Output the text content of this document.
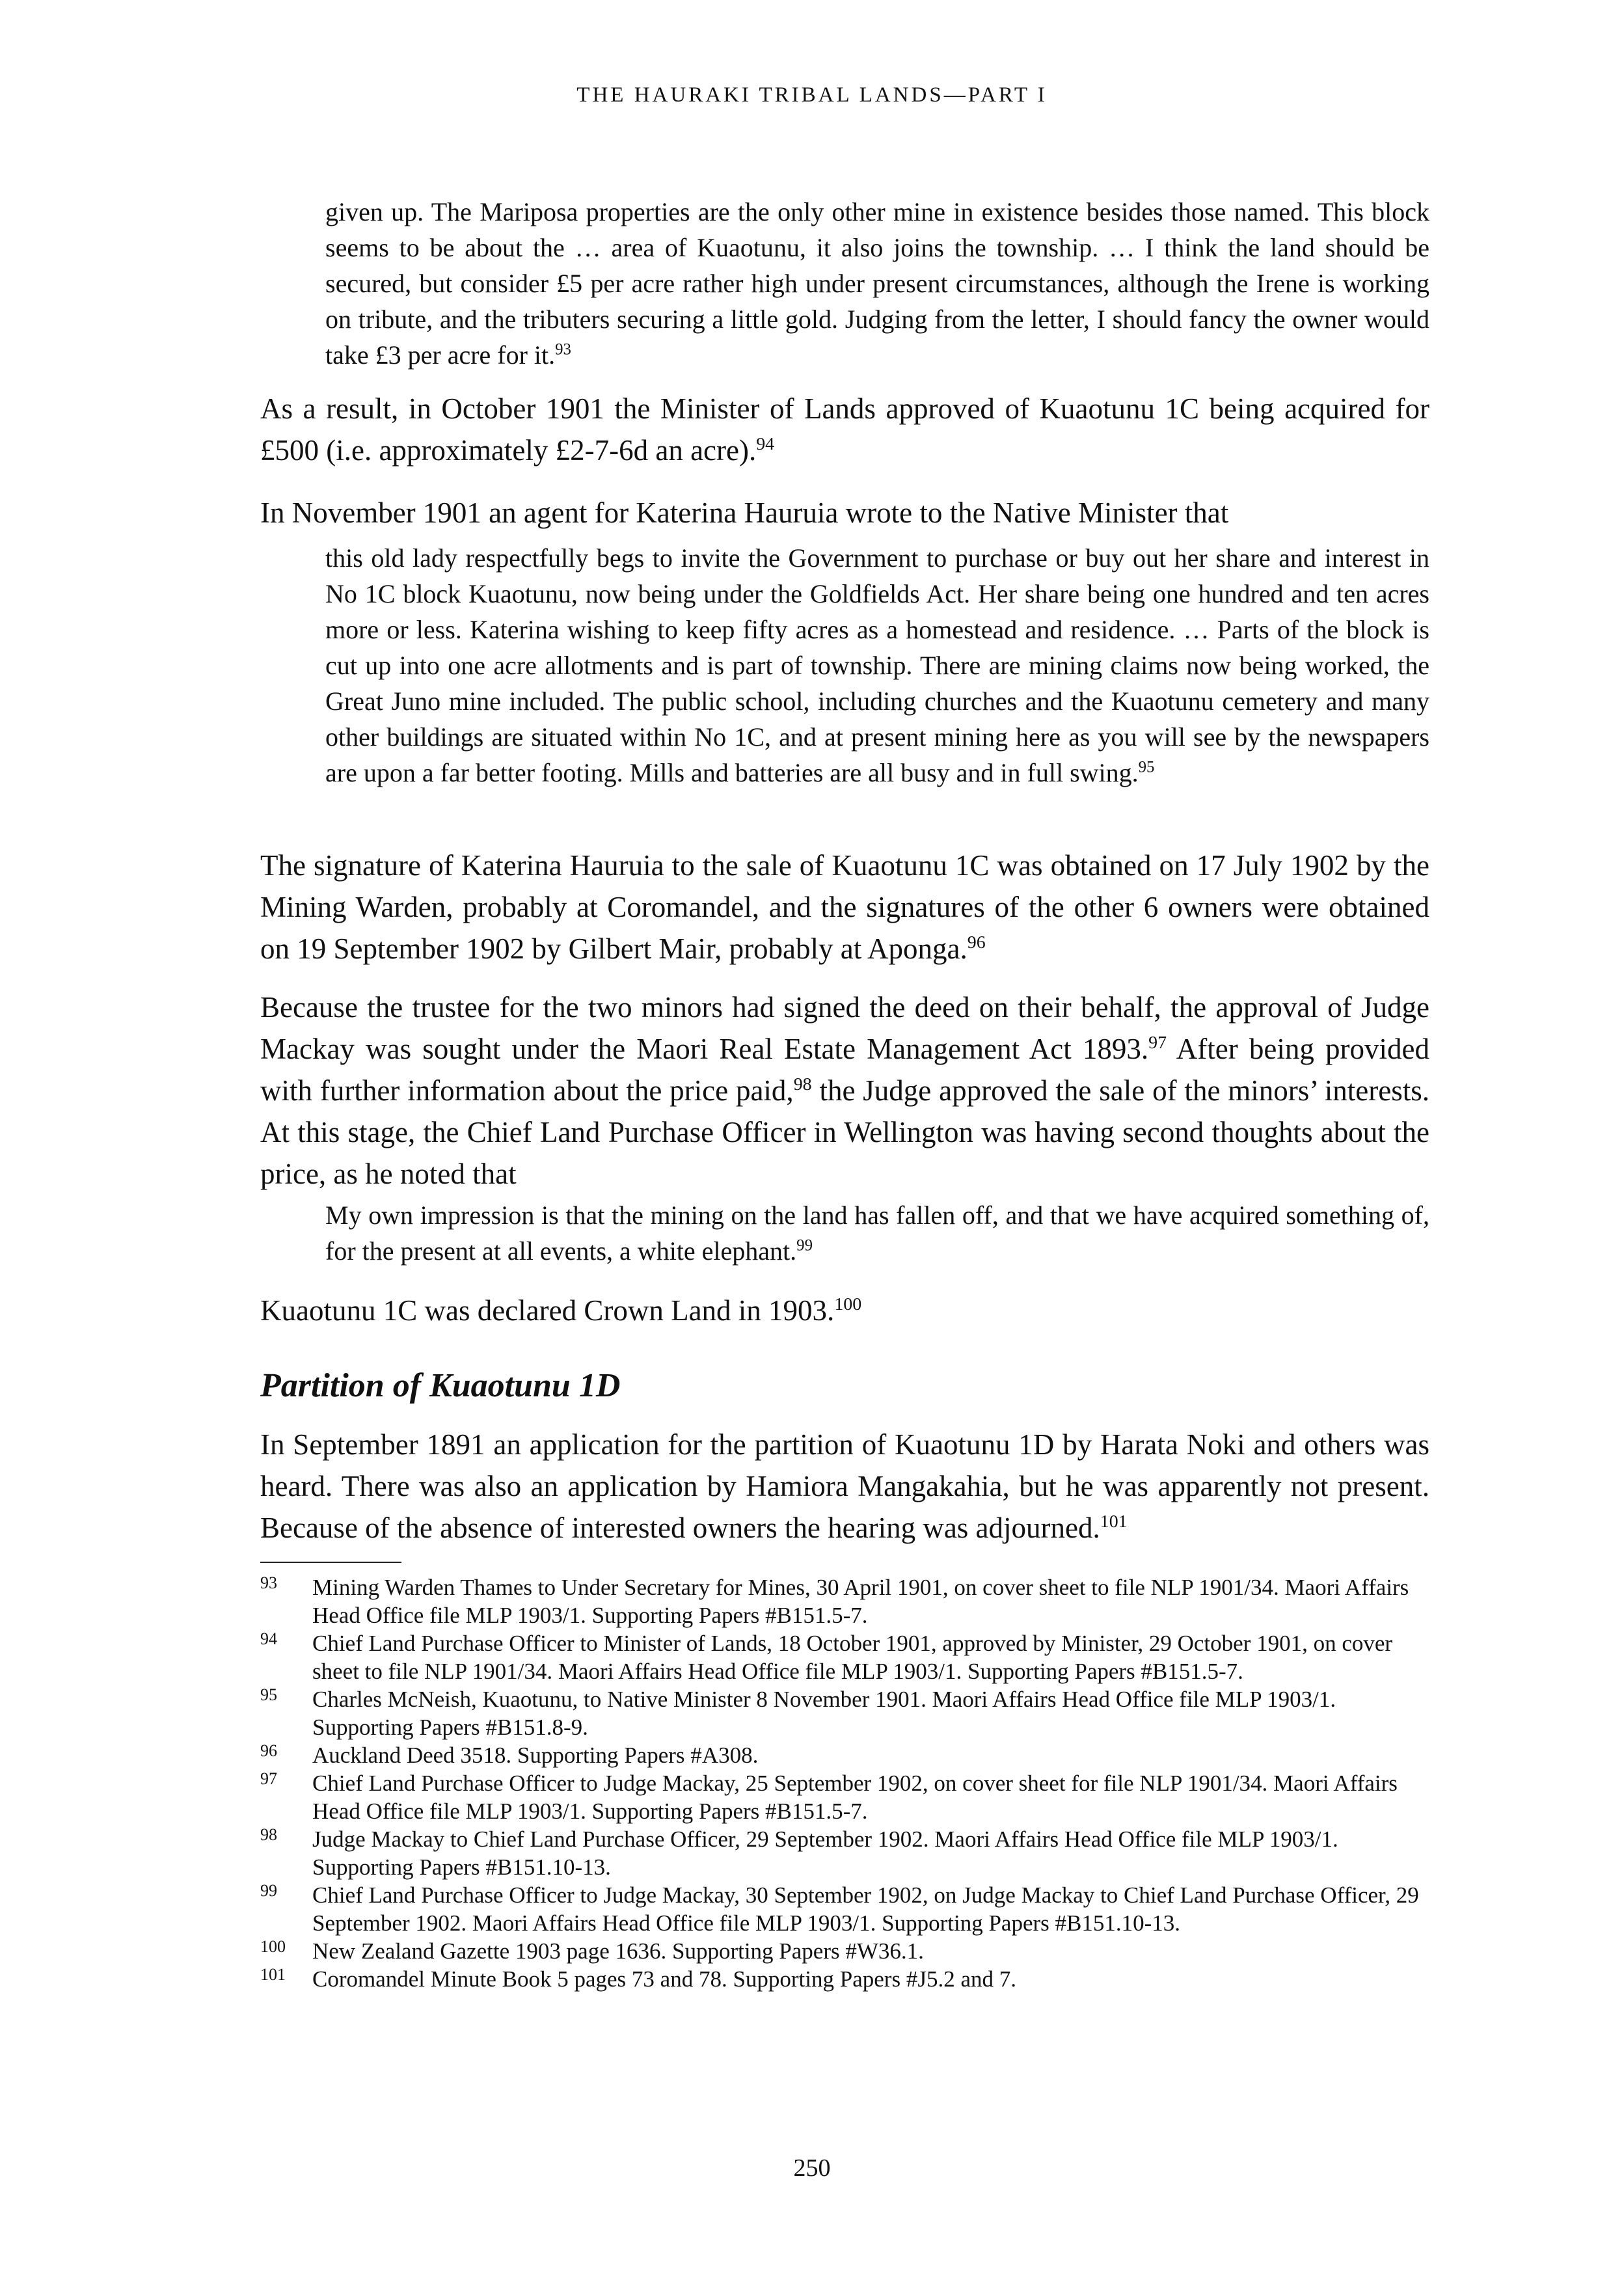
THE HAURAKI TRIBAL LANDS—PART I

given up. The Mariposa properties are the only other mine in existence besides those named. This block seems to be about the … area of Kuaotunu, it also joins the township. … I think the land should be secured, but consider £5 per acre rather high under present circumstances, although the Irene is working on tribute, and the tributers securing a little gold. Judging from the letter, I should fancy the owner would take £3 per acre for it.$^{93}$

As a result, in October 1901 the Minister of Lands approved of Kuaotunu 1C being acquired for £500 (i.e. approximately £2-7-6d an acre).$^{94}$

In November 1901 an agent for Katerina Hauruia wrote to the Native Minister that

this old lady respectfully begs to invite the Government to purchase or buy out her share and interest in No 1C block Kuaotunu, now being under the Goldfields Act. Her share being one hundred and ten acres more or less. Katerina wishing to keep fifty acres as a homestead and residence. … Parts of the block is cut up into one acre allotments and is part of township. There are mining claims now being worked, the Great Juno mine included. The public school, including churches and the Kuaotunu cemetery and many other buildings are situated within No 1C, and at present mining here as you will see by the newspapers are upon a far better footing. Mills and batteries are all busy and in full swing.$^{95}$

The signature of Katerina Hauruia to the sale of Kuaotunu 1C was obtained on 17 July 1902 by the Mining Warden, probably at Coromandel, and the signatures of the other 6 owners were obtained on 19 September 1902 by Gilbert Mair, probably at Aponga.$^{96}$

Because the trustee for the two minors had signed the deed on their behalf, the approval of Judge Mackay was sought under the Maori Real Estate Management Act 1893.97 After being provided with further information about the price paid,$^{98}$ the Judge approved the sale of the minors’ interests. At this stage, the Chief Land Purchase Officer in Wellington was having second thoughts about the price, as he noted that

My own impression is that the mining on the land has fallen off, and that we have acquired something of, for the present at all events, a white elephant.$^{99}$

Kuaotunu 1C was declared Crown Land in 1903.$^{100}$

Partition of Kuaotunu 1D

In September 1891 an application for the partition of Kuaotunu 1D by Harata Noki and others was heard. There was also an application by Hamiora Mangakahia, but he was apparently not present. Because of the absence of interested owners the hearing was adjourned.$^{101}$

93	Mining Warden Thames to Under Secretary for Mines, 30 April 1901, on cover sheet to file NLP 1901/34. Maori Affairs Head Office file MLP 1903/1. Supporting Papers #B151.5-7.
94	Chief Land Purchase Officer to Minister of Lands, 18 October 1901, approved by Minister, 29 October 1901, on cover sheet to file NLP 1901/34. Maori Affairs Head Office file MLP 1903/1. Supporting Papers #B151.5-7.
95	Charles McNeish, Kuaotunu, to Native Minister 8 November 1901. Maori Affairs Head Office file MLP 1903/1. Supporting Papers #B151.8-9.
96	Auckland Deed 3518. Supporting Papers #A308.
97	Chief Land Purchase Officer to Judge Mackay, 25 September 1902, on cover sheet for file NLP 1901/34. Maori Affairs Head Office file MLP 1903/1. Supporting Papers #B151.5-7.
98	Judge Mackay to Chief Land Purchase Officer, 29 September 1902. Maori Affairs Head Office file MLP 1903/1. Supporting Papers #B151.10-13.
99	Chief Land Purchase Officer to Judge Mackay, 30 September 1902, on Judge Mackay to Chief Land Purchase Officer, 29 September 1902. Maori Affairs Head Office file MLP 1903/1. Supporting Papers #B151.10-13.
100	New Zealand Gazette 1903 page 1636. Supporting Papers #W36.1.
101	Coromandel Minute Book 5 pages 73 and 78. Supporting Papers #J5.2 and 7.
250
